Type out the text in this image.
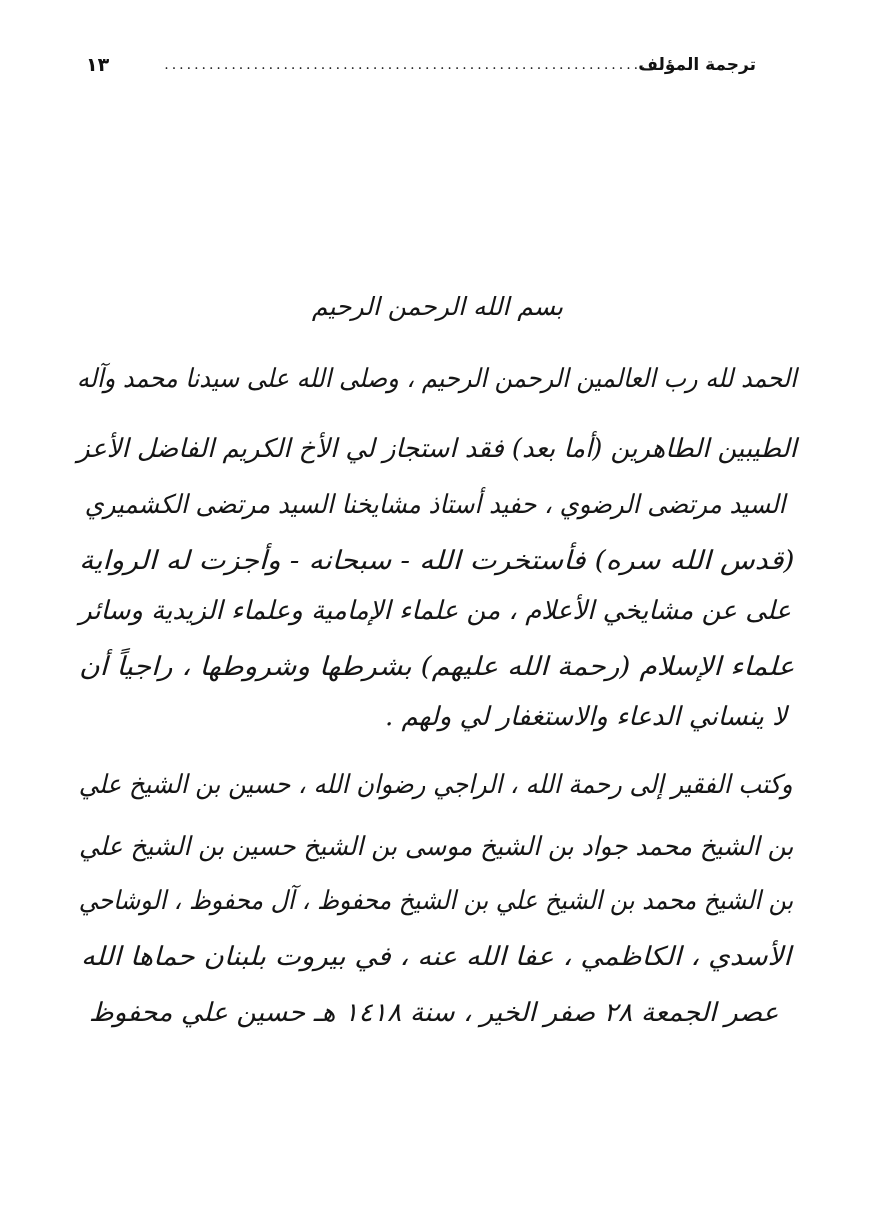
ترجمة المؤلف
..................................................................
١٣
بسم الله الرحمن الرحيم
الحمد لله رب العالمين الرحمن الرحيم ، وصلى الله على سيدنا محمد وآله
الطيبين الطاهرين (أما بعد) فقد استجاز لي الأخ الكريم الفاضل الأعز
السيد مرتضى الرضوي ، حفيد أستاذ مشايخنا السيد مرتضى الكشميري
(قدس الله سره) فأستخرت الله - سبحانه - وأجزت له الرواية
على عن مشايخي الأعلام ، من علماء الإمامية وعلماء الزيدية وسائر
علماء الإسلام (رحمة الله عليهم) بشرطها وشروطها ، راجياً أن
لا ينساني الدعاء والاستغفار لي ولهم .
وكتب الفقير إلى رحمة الله ، الراجي رضوان الله ، حسين بن الشيخ علي
بن الشيخ محمد جواد بن الشيخ موسى بن الشيخ حسين بن الشيخ علي
بن الشيخ محمد بن الشيخ علي بن الشيخ محفوظ ، آل محفوظ ، الوشاحي
الأسدي ، الكاظمي ، عفا الله عنه ، في بيروت بلبنان حماها الله
عصر الجمعة ٢٨ صفر الخير ، سنة ١٤١٨ هـ حسين علي محفوظ
